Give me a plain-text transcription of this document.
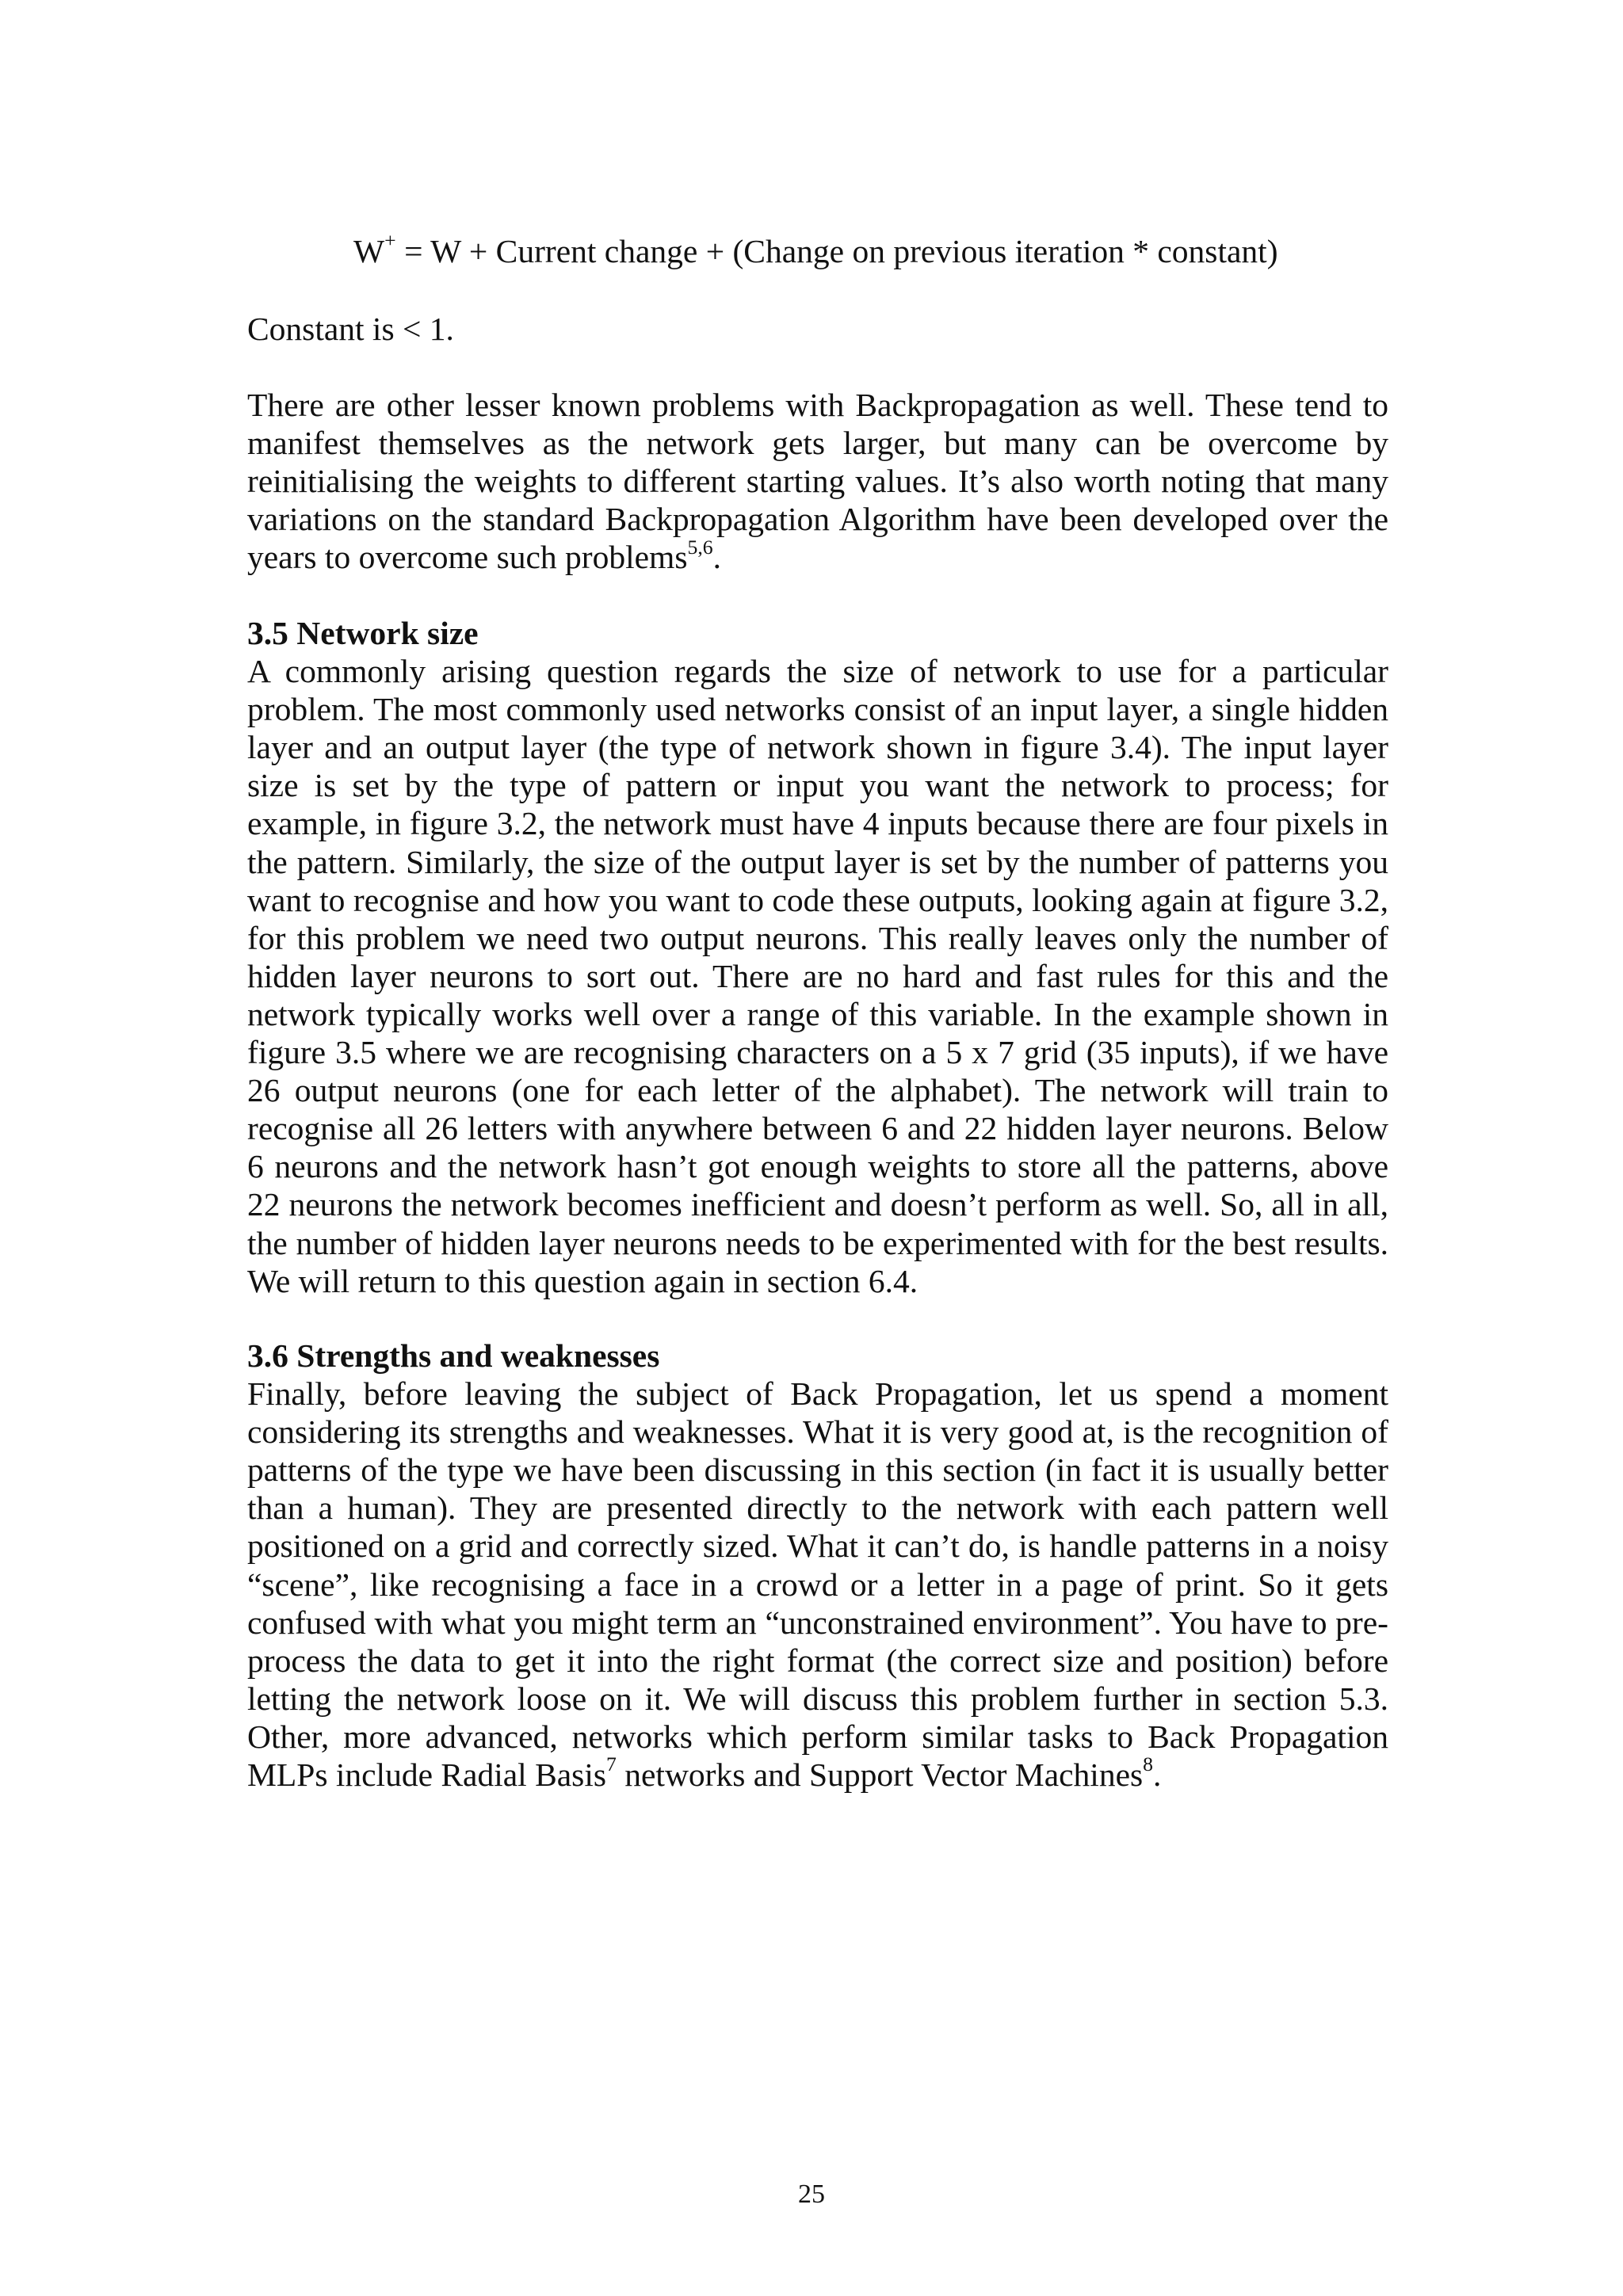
W+ = W + Current change + (Change on previous iteration * constant)
Constant is < 1.
There are other lesser known problems with Backpropagation as well. These tend to manifest themselves as the network gets larger, but many can be overcome by reinitialising the weights to different starting values. It’s also worth noting that many variations on the standard Backpropagation Algorithm have been developed over the years to overcome such problems$^{5,6}$.
3.5 Network size
A commonly arising question regards the size of network to use for a particular problem. The most commonly used networks consist of an input layer, a single hidden layer and an output layer (the type of network shown in figure 3.4). The input layer size is set by the type of pattern or input you want the network to process; for example, in figure 3.2, the network must have 4 inputs because there are four pixels in the pattern. Similarly, the size of the output layer is set by the number of patterns you want to recognise and how you want to code these outputs, looking again at figure 3.2, for this problem we need two output neurons. This really leaves only the number of hidden layer neurons to sort out. There are no hard and fast rules for this and the network typically works well over a range of this variable. In the example shown in figure 3.5 where we are recognising characters on a 5 x 7 grid (35 inputs), if we have 26 output neurons (one for each letter of the alphabet). The network will train to recognise all 26 letters with anywhere between 6 and 22 hidden layer neurons. Below 6 neurons and the network hasn’t got enough weights to store all the patterns, above 22 neurons the network becomes inefficient and doesn’t perform as well. So, all in all, the number of hidden layer neurons needs to be experimented with for the best results. We will return to this question again in section 6.4.
3.6 Strengths and weaknesses
Finally, before leaving the subject of Back Propagation, let us spend a moment considering its strengths and weaknesses. What it is very good at, is the recognition of patterns of the type we have been discussing in this section (in fact it is usually better than a human). They are presented directly to the network with each pattern well positioned on a grid and correctly sized. What it can’t do, is handle patterns in a noisy “scene”, like recognising a face in a crowd or a letter in a page of print. So it gets confused with what you might term an “unconstrained environment”. You have to pre-process the data to get it into the right format (the correct size and position) before letting the network loose on it. We will discuss this problem further in section 5.3. Other, more advanced, networks which perform similar tasks to Back Propagation MLPs include Radial Basis$^7$ networks and Support Vector Machines$^8$.
25
